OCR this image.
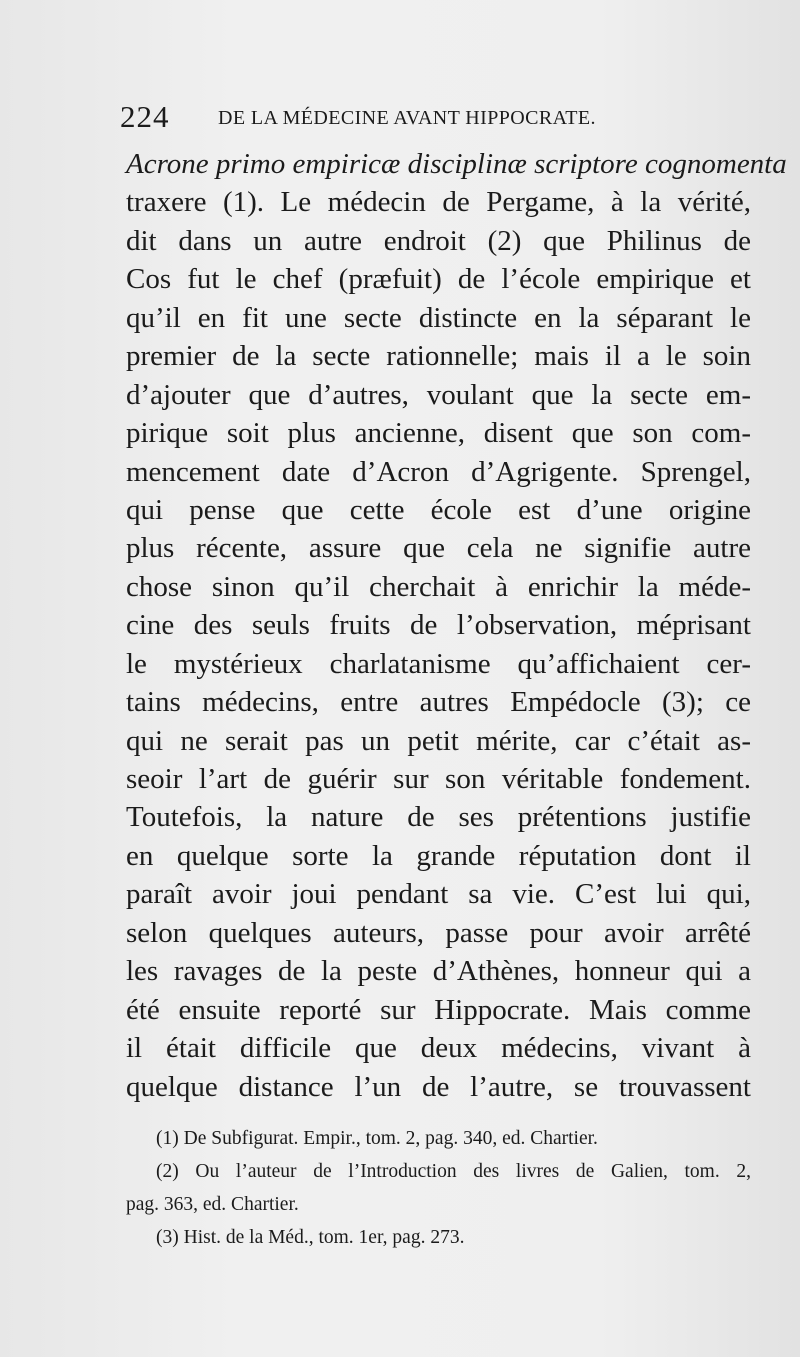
224 DE LA MÉDECINE AVANT HIPPOCRATE.
Acrone primo empiricæ disciplinæ scriptore cognomenta
traxere (1). Le médecin de Pergame, à la vérité,
dit dans un autre endroit (2) que Philinus de
Cos fut le chef (præfuit) de l’école empirique et
qu’il en fit une secte distincte en la séparant le
premier de la secte rationnelle; mais il a le soin
d’ajouter que d’autres, voulant que la secte em-
pirique soit plus ancienne, disent que son com-
mencement date d’Acron d’Agrigente. Sprengel,
qui pense que cette école est d’une origine
plus récente, assure que cela ne signifie autre
chose sinon qu’il cherchait à enrichir la méde-
cine des seuls fruits de l’observation, méprisant
le mystérieux charlatanisme qu’affichaient cer-
tains médecins, entre autres Empédocle (3); ce
qui ne serait pas un petit mérite, car c’était as-
seoir l’art de guérir sur son véritable fondement.
Toutefois, la nature de ses prétentions justifie
en quelque sorte la grande réputation dont il
paraît avoir joui pendant sa vie. C’est lui qui,
selon quelques auteurs, passe pour avoir arrêté
les ravages de la peste d’Athènes, honneur qui a
été ensuite reporté sur Hippocrate. Mais comme
il était difficile que deux médecins, vivant à
quelque distance l’un de l’autre, se trouvassent
(1) De Subfigurat. Empir., tom. 2, pag. 340, ed. Chartier.
(2) Ou l’auteur de l’Introduction des livres de Galien, tom. 2,
pag. 363, ed. Chartier.
(3) Hist. de la Méd., tom. 1er, pag. 273.
